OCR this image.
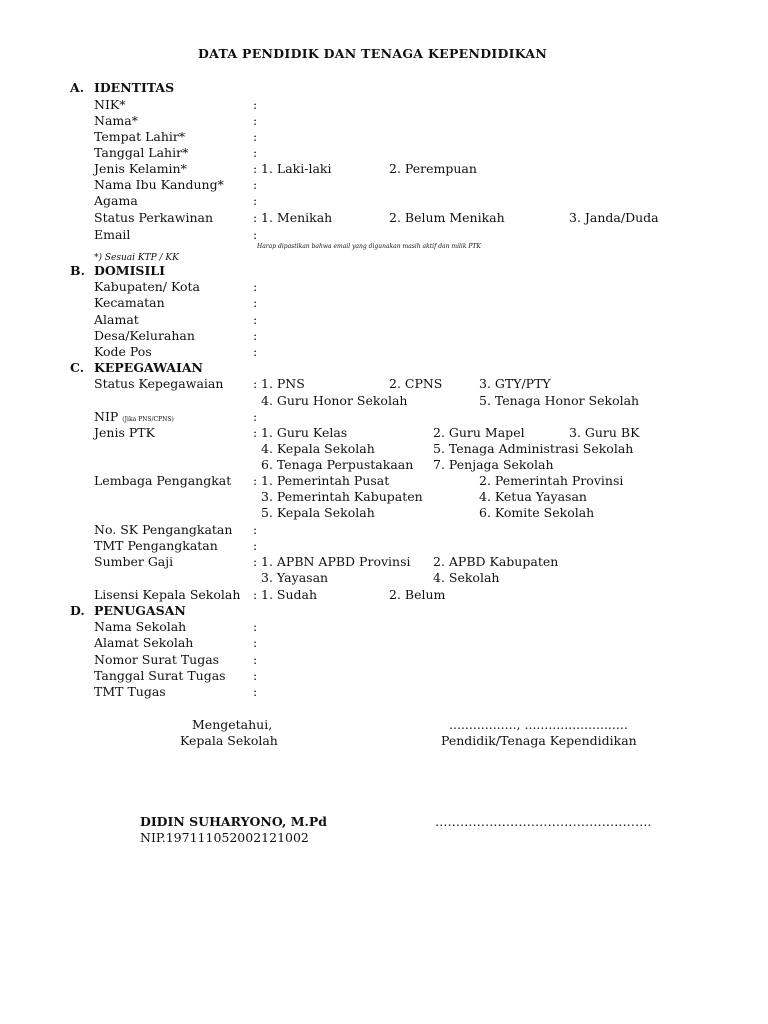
DATA PENDIDIK DAN TENAGA KEPENDIDIKAN
A. IDENTITAS
NIK*	:
Nama*	:
Tempat Lahir*	:
Tanggal Lahir*	:
Jenis Kelamin*	: 1. Laki-laki	2. Perempuan
Nama Ibu Kandung* :
Agama	:
Status Perkawinan	: 1. Menikah	2. Belum Menikah	3. Janda/Duda
Email	:
Harap dipastikan bahwa email yang digunakan masih aktif dan milik PTK
*) Sesuai KTP / KK
B. DOMISILI
Kabupaten/ Kota	:
Kecamatan	:
Alamat	:
Desa/Kelurahan	:
Kode Pos	:
C. KEPEGAWAIAN
Status Kepegawaian : 1. PNS	2. CPNS	3. GTY/PTY
4. Guru Honor Sekolah	5. Tenaga Honor Sekolah
NIP (Jika PNS/CPNS)	:
Jenis PTK	: 1. Guru Kelas	2. Guru Mapel	3. Guru BK
4. Kepala Sekolah	5. Tenaga Administrasi Sekolah
6. Tenaga Perpustakaan 7. Penjaga Sekolah
Lembaga Pengangkat : 1. Pemerintah Pusat	2. Pemerintah Provinsi
3. Pemerintah Kabupaten	4. Ketua Yayasan
5. Kepala Sekolah	6. Komite Sekolah
No. SK Pengangkatan :
TMT Pengangkatan	:
Sumber Gaji	: 1. APBN APBD Provinsi 2. APBD Kabupaten
3. Yayasan	4. Sekolah
Lisensi Kepala Sekolah : 1. Sudah	2. Belum
D. PENUGASAN
Nama Sekolah	:
Alamat Sekolah	:
Nomor Surat Tugas	:
Tanggal Surat Tugas :
TMT Tugas	:
Mengetahui,
Kepala Sekolah
................., ..........................
Pendidik/Tenaga Kependidikan
DIDIN SUHARYONO, M.Pd
NIP.197111052002121002
…………………………………………….
